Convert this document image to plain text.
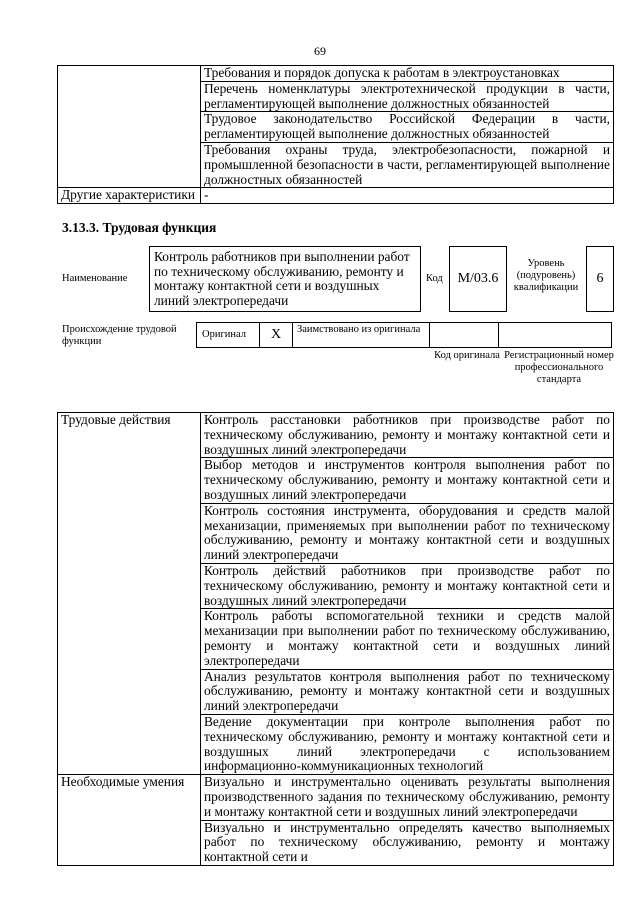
69
	Требования и порядок допуска к работам в электроустановках
	Перечень номенклатуры электротехнической продукции в части, регламентирующей выполнение должностных обязанностей
	Трудовое законодательство Российской Федерации в части, регламентирующей выполнение должностных обязанностей
	Требования охраны труда, электробезопасности, пожарной и промышленной безопасности в части, регламентирующей выполнение должностных обязанностей
Другие характеристики	-
3.13.3. Трудовая функция
Наименование
Контроль работников при выполнении работ по техническому обслуживанию, ремонту и монтажу контактной сети и воздушных линий электропередачи
Код	М/03.6
Уровень (подуровень) квалификации
6
Происхождение трудовой функции
Оригинал	X	Заимствовано из оригинала
Код оригинала Регистрационный номер профессионального стандарта
Трудовые действия	Контроль расстановки работников при производстве работ по техническому обслуживанию, ремонту и монтажу контактной сети и воздушных линий электропередачи
	Выбор методов и инструментов контроля выполнения работ по техническому обслуживанию, ремонту и монтажу контактной сети и воздушных линий электропередачи
	Контроль состояния инструмента, оборудования и средств малой механизации, применяемых при выполнении работ по техническому обслуживанию, ремонту и монтажу контактной сети и воздушных линий электропередачи
	Контроль действий работников при производстве работ по техническому обслуживанию, ремонту и монтажу контактной сети и воздушных линий электропередачи
	Контроль работы вспомогательной техники и средств малой механизации при выполнении работ по техническому обслуживанию, ремонту и монтажу контактной сети и воздушных линий электропередачи
	Анализ результатов контроля выполнения работ по техническому обслуживанию, ремонту и монтажу контактной сети и воздушных линий электропередачи
	Ведение документации при контроле выполнения работ по техническому обслуживанию, ремонту и монтажу контактной сети и воздушных линий электропередачи с использованием информационно-коммуникационных технологий
Необходимые умения	Визуально и инструментально оценивать результаты выполнения производственного задания по техническому обслуживанию, ремонту и монтажу контактной сети и воздушных линий электропередачи
	Визуально и инструментально определять качество выполняемых работ по техническому обслуживанию, ремонту и монтажу контактной сети и
